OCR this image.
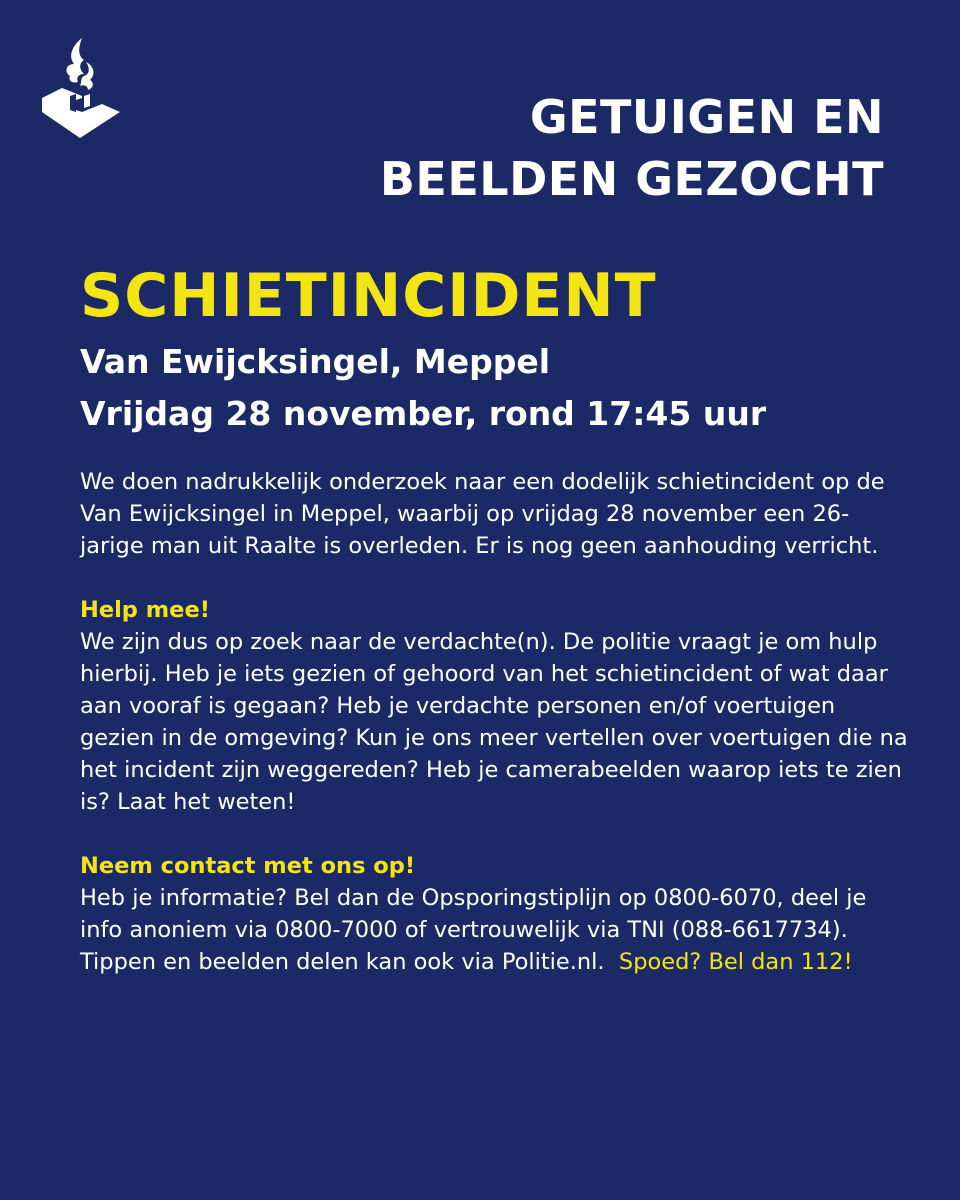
GETUIGEN EN
BEELDEN GEZOCHT
SCHIETINCIDENT
Van Ewijcksingel, Meppel
Vrijdag 28 november, rond 17:45 uur

We doen nadrukkelijk onderzoek naar een dodelijk schietincident op de Van Ewijcksingel in Meppel, waarbij op vrijdag 28 november een 26-jarige man uit Raalte is overleden. Er is nog geen aanhouding verricht.

Help mee!
We zijn dus op zoek naar de verdachte(n). De politie vraagt je om hulp hierbij. Heb je iets gezien of gehoord van het schietincident of wat daar aan vooraf is gegaan? Heb je verdachte personen en/of voertuigen gezien in de omgeving? Kun je ons meer vertellen over voertuigen die na het incident zijn weggereden? Heb je camerabeelden waarop iets te zien is? Laat het weten!

Neem contact met ons op!
Heb je informatie? Bel dan de Opsporingstiplijn op 0800-6070, deel je info anoniem via 0800-7000 of vertrouwelijk via TNI (088-6617734). Tippen en beelden delen kan ook via Politie.nl. Spoed? Bel dan 112!
